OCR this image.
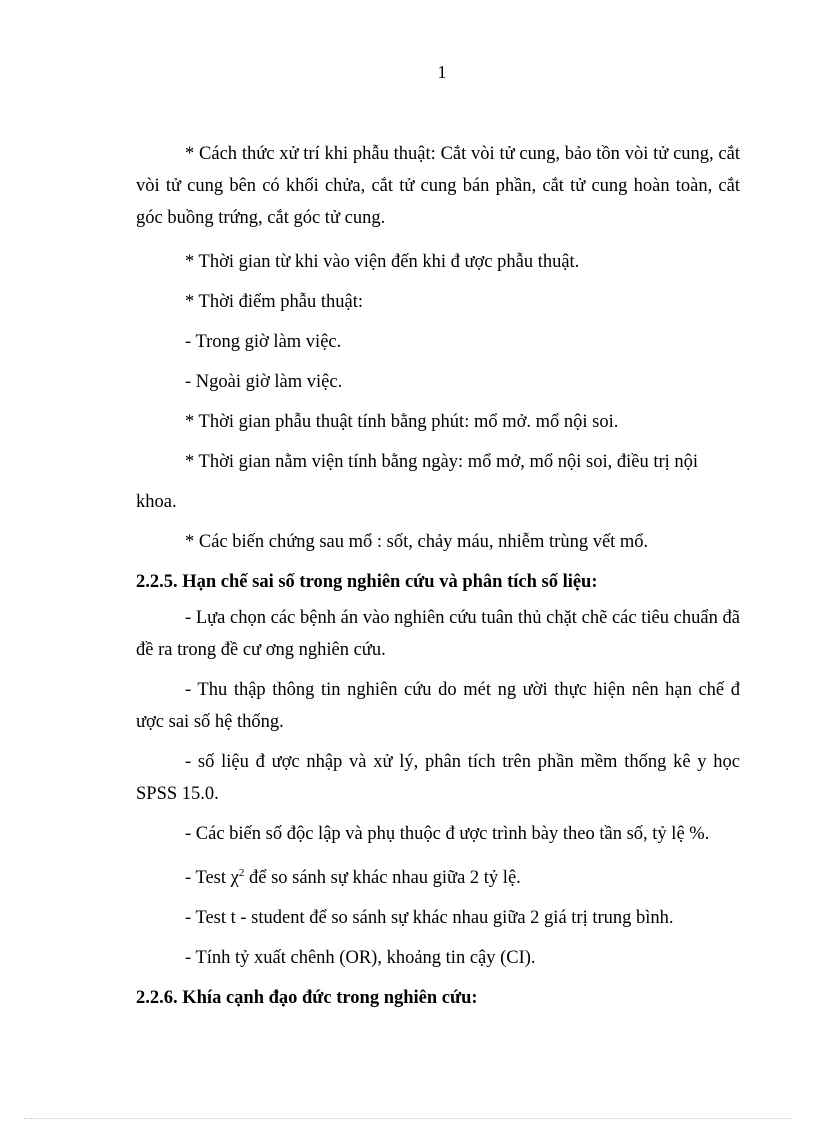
1

* Cách thức xử trí khi phẫu thuật: Cắt vòi tử cung, bảo tồn vòi tử cung, cắt vòi tử cung bên có khối chửa, cắt tử cung bán phần, cắt tử cung hoàn toàn, cắt góc buồng trứng, cắt góc tử cung.

* Thời gian từ khi vào viện đến khi đ ược phẫu thuật.

* Thời điểm phẫu thuật:

- Trong giờ làm việc.

- Ngoài giờ làm việc.

* Thời gian phẫu thuật tính bằng phút: mổ mở. mổ nội soi.

* Thời gian nằm viện tính bằng ngày: mổ mở, mổ nội soi, điều trị nội khoa.

* Các biến chứng sau mổ : sốt, chảy máu, nhiễm trùng vết mổ.

2.2.5. Hạn chế sai số trong nghiên cứu và phân tích số liệu:

- Lựa chọn các bệnh án vào nghiên cứu tuân thủ chặt chẽ các tiêu chuẩn đã đề ra trong đề cư ơng nghiên cứu.

- Thu thập thông tin nghiên cứu do mét ng ười thực hiện nên hạn chế đ ược sai số hệ thống.

- số liệu đ ược nhập và xử lý, phân tích trên phần mềm thống kê y học SPSS 15.0.

- Các biến số độc lập và phụ thuộc đ ược trình bày theo tần số, tỷ lệ %.

- Test $\chi^2$ để so sánh sự khác nhau giữa 2 tỷ lệ.

- Test t - student để so sánh sự khác nhau giữa 2 giá trị trung bình.

- Tính tỷ xuất chênh (OR), khoảng tin cậy (CI).

2.2.6. Khía cạnh đạo đức trong nghiên cứu:
